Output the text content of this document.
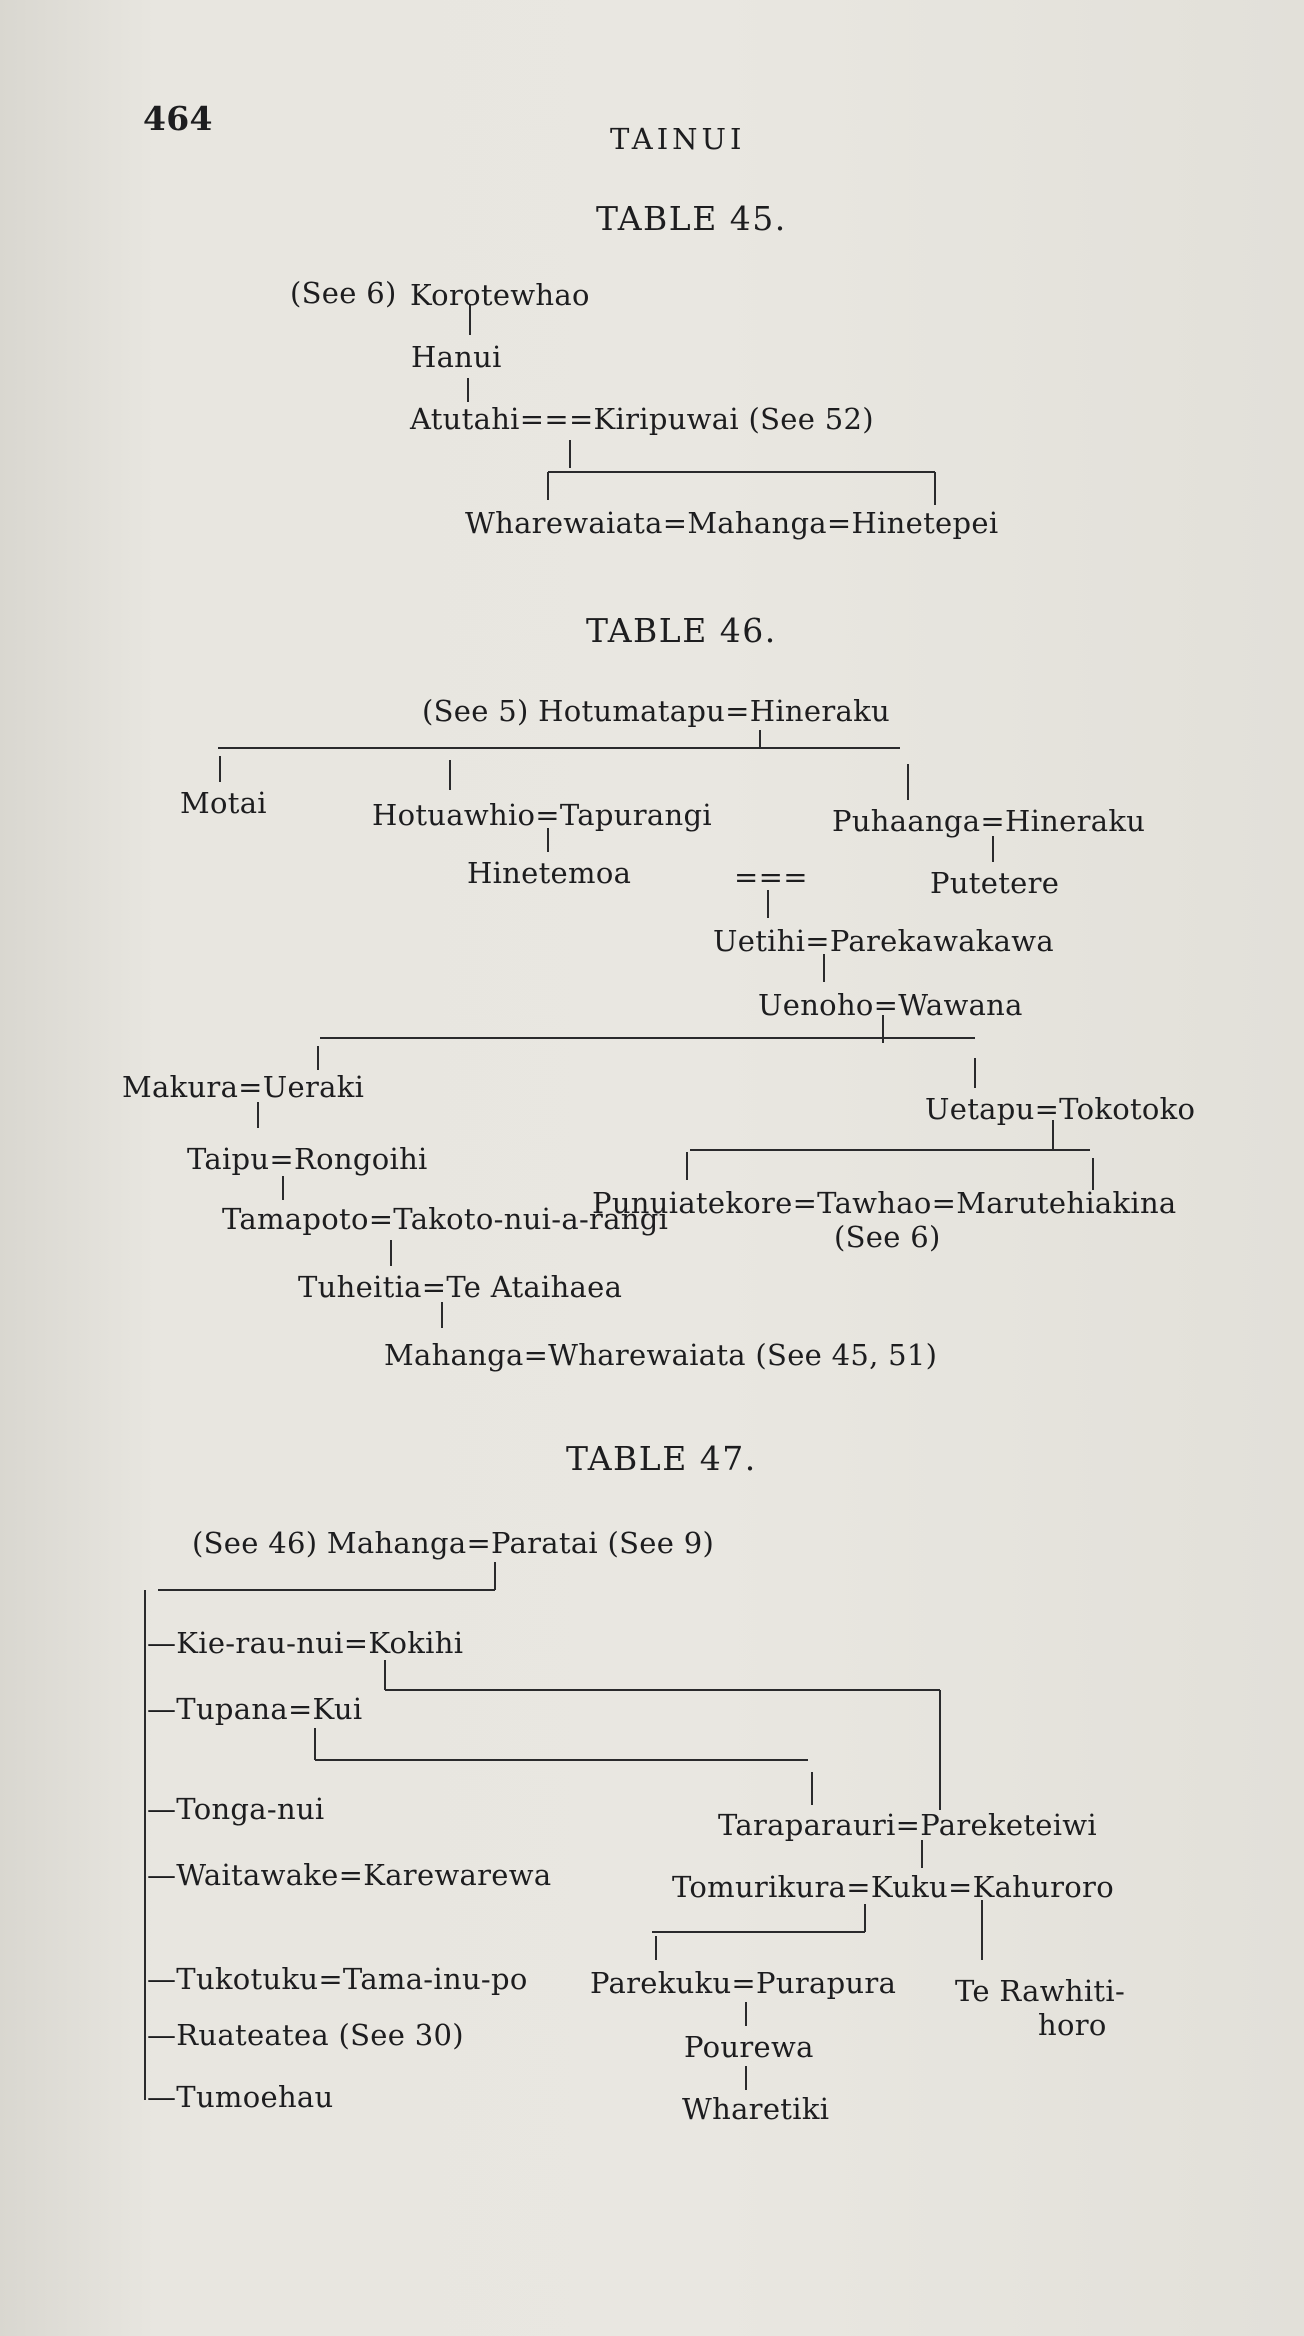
464
TAINUI
TABLE 45.
(See 6) Korotewhao
Hanui
Atutahi===Kiripuwai (See 52)
Wharewaiata=Mahanga=Hinetepei
TABLE 46.
(See 5) Hotumatapu=Hineraku
Motai	Hotuawhio=Tapurangi	Puhaanga=Hineraku
Hinetemoa	===	Putetere
Uetihi=Parekawakawa
Uenoho=Wawana
Makura=Ueraki
Uetapu=Tokotoko
Taipu=Rongoihi
Punuiatekore=Tawhao=Marutehiakina
Tamapoto=Takoto-nui-a-rangi
(See 6)
Tuheitia=Te Ataihaea
Mahanga=Wharewaiata (See 45, 51)
TABLE 47.
(See 46) Mahanga=Paratai (See 9)
—Kie-rau-nui=Kokihi
—Tupana=Kui
—Tonga-nui
—Waitawake=Karewarewa
—Tukotuku=Tama-inu-po
—Ruateatea (See 30)
—Tumoehau
Taraparauri=Pareketeiwi
Tomurikura=Kuku=Kahuroro
Parekuku=Purapura Te Rawhiti-
horo
Pourewa
Wharetiki
